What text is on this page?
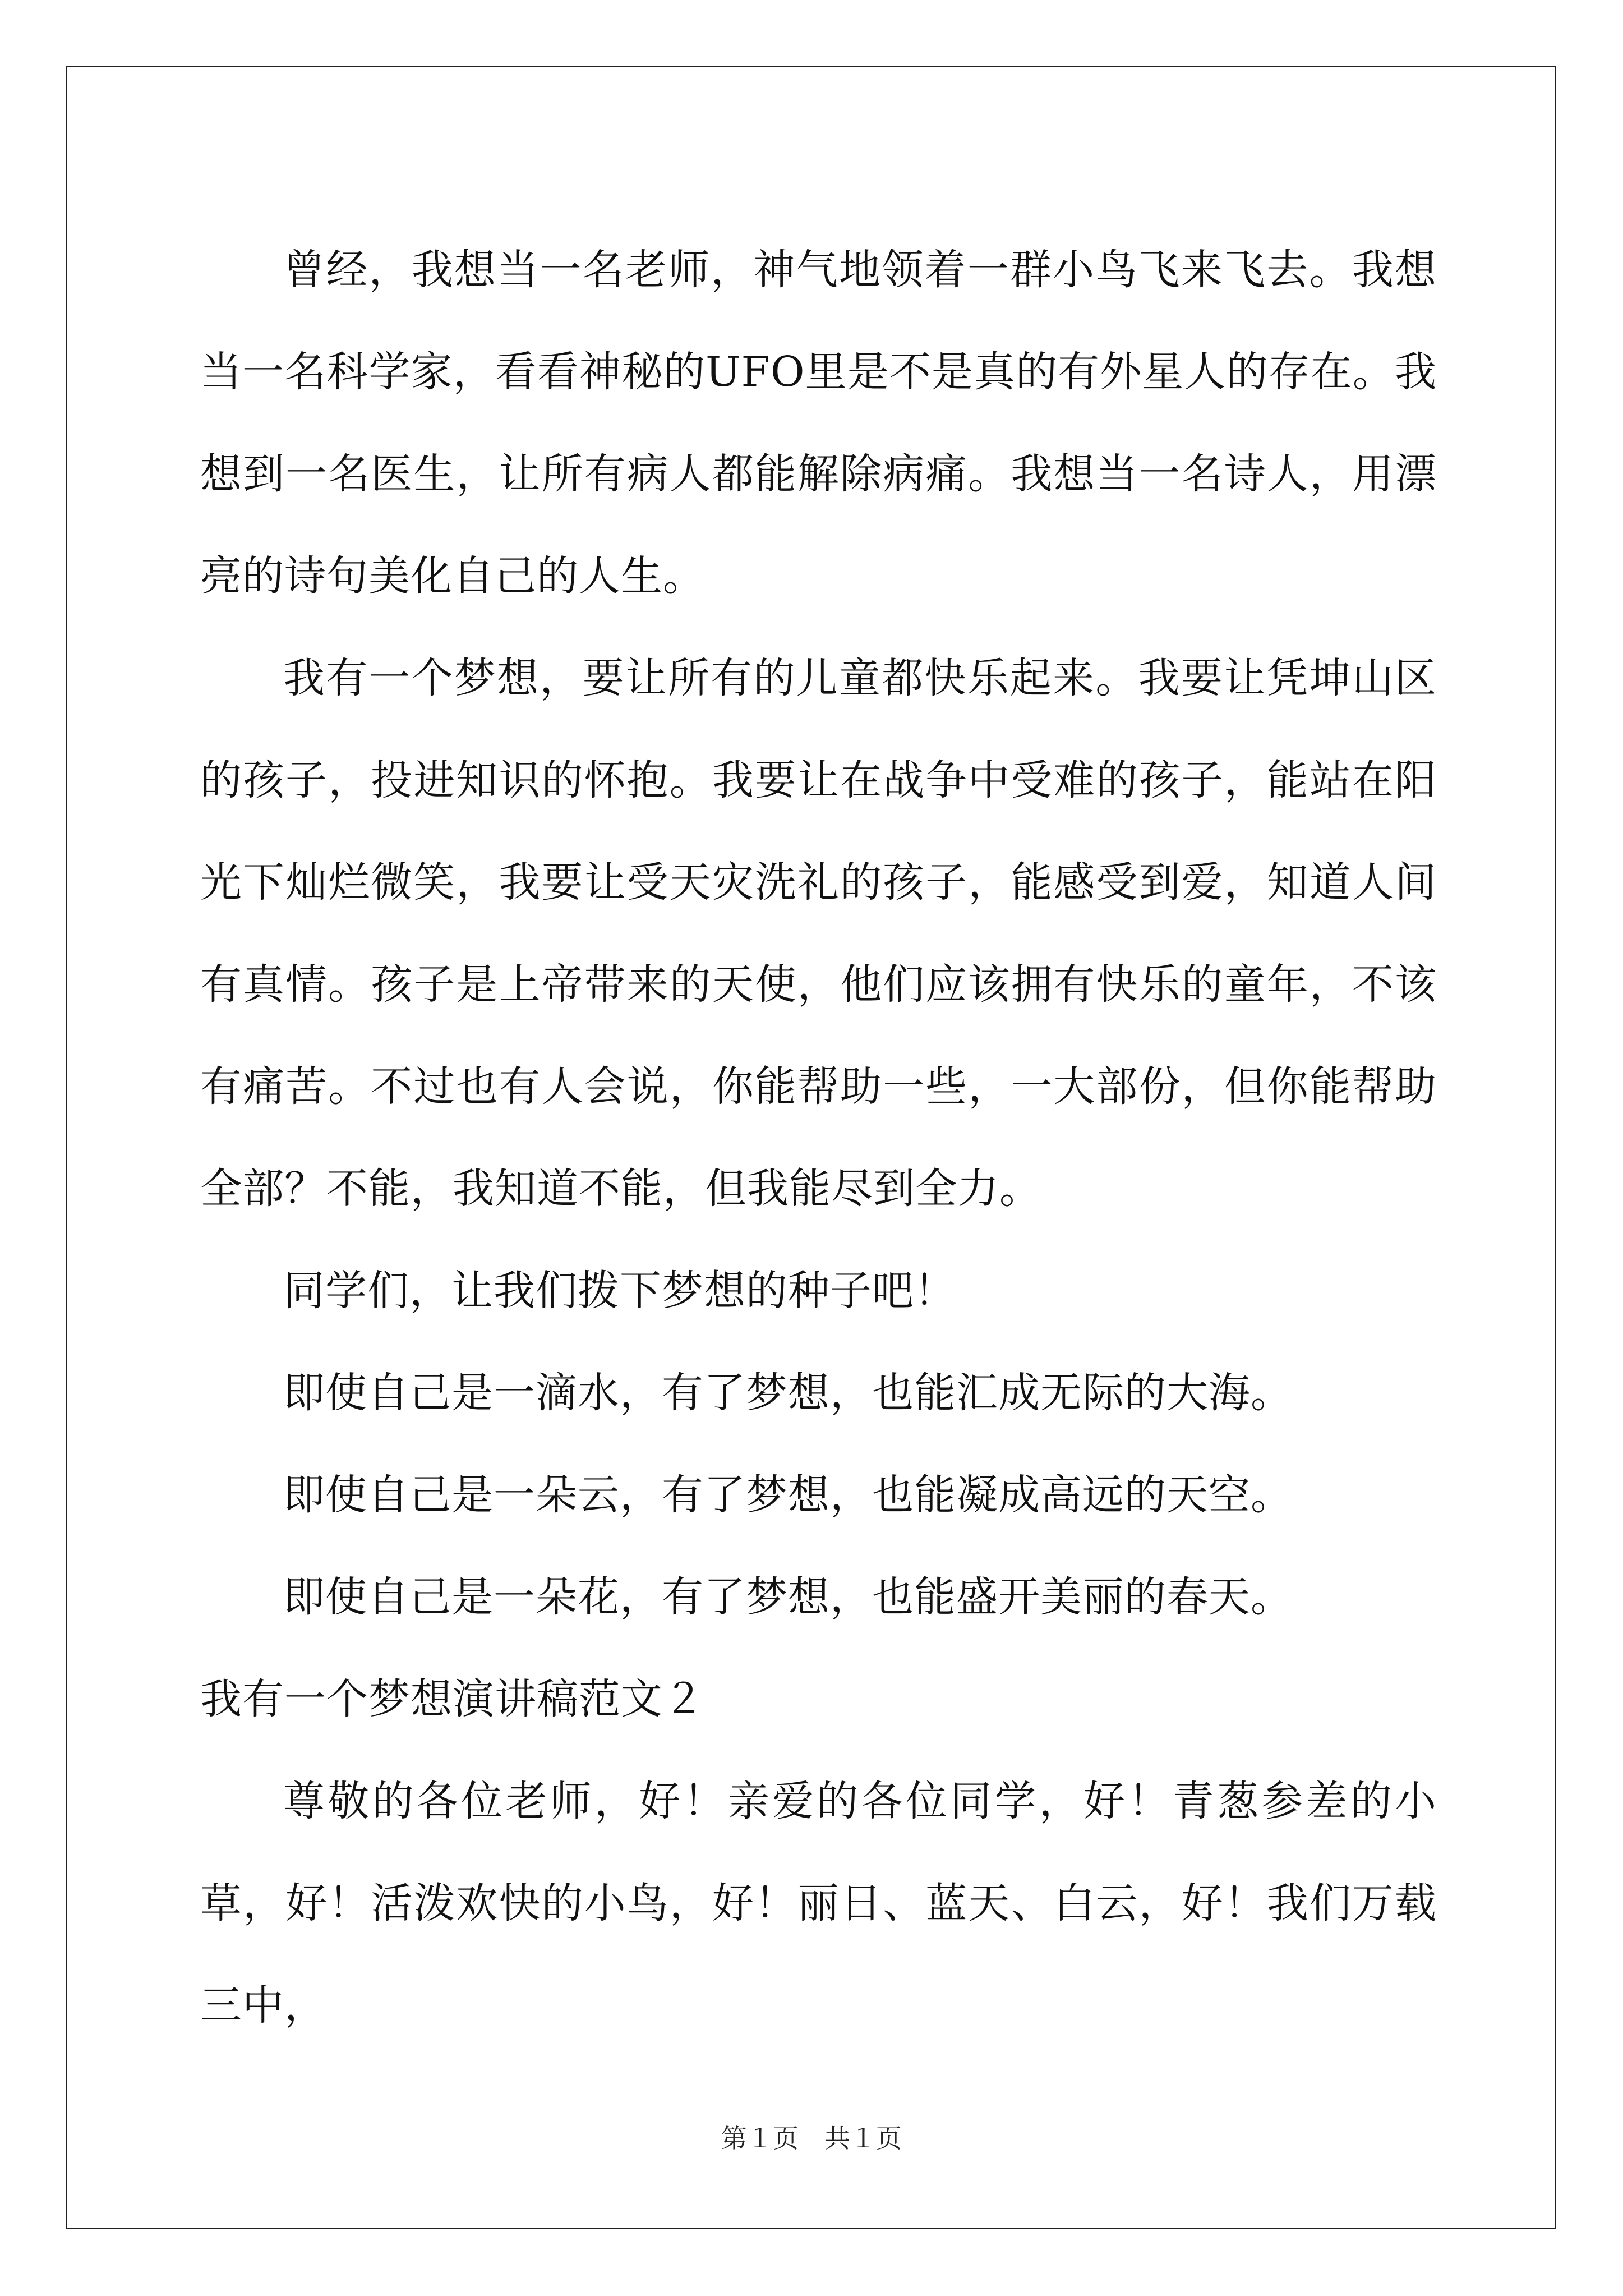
曾经，我想当一名老师，神气地领着一群小鸟飞来飞去。我想当一名科学家，看看神秘的UFO里是不是真的有外星人的存在。我想到一名医生，让所有病人都能解除病痛。我想当一名诗人，用漂亮的诗句美化自己的人生。

我有一个梦想，要让所有的儿童都快乐起来。我要让凭坤山区的孩子，投进知识的怀抱。我要让在战争中受难的孩子，能站在阳光下灿烂微笑，我要让受天灾洗礼的孩子，能感受到爱，知道人间有真情。孩子是上帝带来的天使，他们应该拥有快乐的童年，不该有痛苦。不过也有人会说，你能帮助一些，一大部份，但你能帮助全部？不能，我知道不能，但我能尽到全力。

同学们，让我们拨下梦想的种子吧！

即使自己是一滴水，有了梦想，也能汇成无际的大海。

即使自己是一朵云，有了梦想，也能凝成高远的天空。

即使自己是一朵花，有了梦想，也能盛开美丽的春天。

我有一个梦想演讲稿范文２

尊敬的各位老师，好！亲爱的各位同学，好！青葱参差的小草，好！活泼欢快的小鸟，好！丽日、蓝天、白云，好！我们万载三中，

第１页 共１页
